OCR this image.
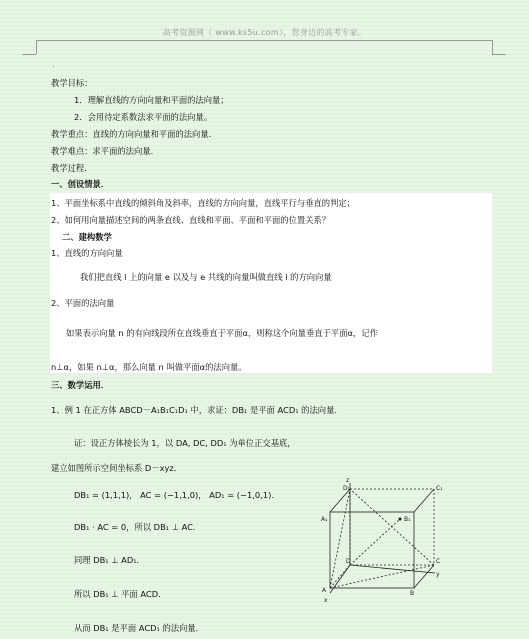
高考资源网（ www.ks5u.com），您身边的高考专家。
.
教学目标：
1．理解直线的方向向量和平面的法向量；
2．会用待定系数法求平面的法向量。
教学重点：直线的方向向量和平面的法向量．
教学难点：求平面的法向量．
教学过程．
一、创设情景．
1、平面坐标系中直线的倾斜角及斜率，直线的方向向量，直线平行与垂直的判定；
2、如何用向量描述空间的两条直线、直线和平面、平面和平面的位置关系？
二、建构数学
1、直线的方向向量
我们把直线 l 上的向量 e 以及与 e 共线的向量叫做直线 l 的方向向量
2、平面的法向量
如果表示向量 n 的有向线段所在直线垂直于平面α，则称这个向量垂直于平面α，记作
n⊥α，如果 n⊥α，那么向量 n 叫做平面α的法向量。
三、数学运用．
1、例 1 在正方体 ABCD－A₁B₁C₁D₁ 中，求证：DB₁ 是平面 ACD₁ 的法向量．
证：设正方体棱长为 1，以 DA, DC, DD₁ 为单位正交基底，
建立如图所示空间坐标系 D－xyz．
DB₁ = (1,1,1)， AC = (−1,1,0)， AD₁ = (−1,0,1)．
DB₁ · AC = 0，所以 DB₁ ⊥ AC．
同理 DB₁ ⊥ AD₁．
所以 DB₁ ⊥ 平面 ACD．
从而 DB₁ 是平面 ACD₁ 的法向量．
z
D₁	C₁
A₁	B₁
D	C
A	B
x
y
